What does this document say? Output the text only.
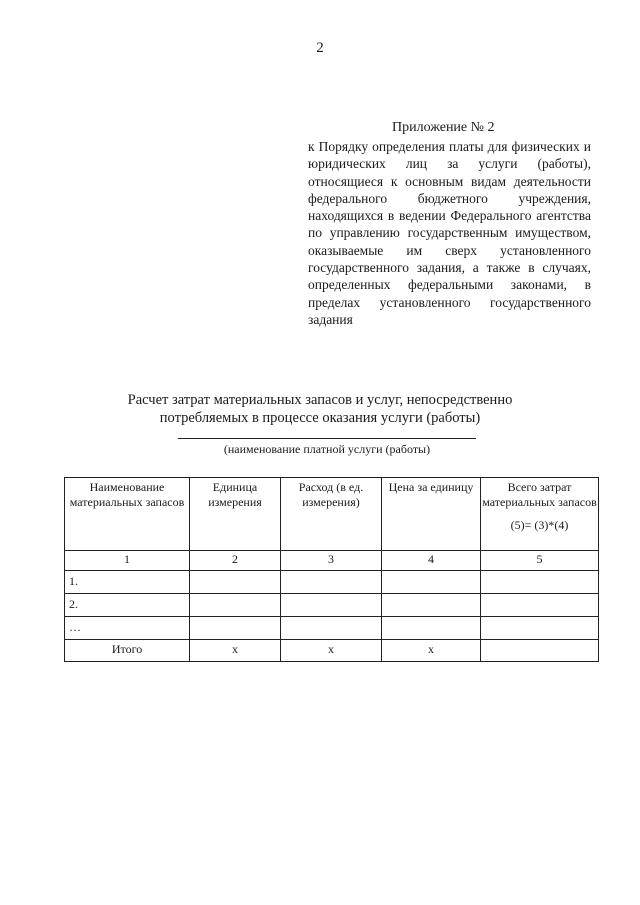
2
Приложение № 2
к Порядку определения платы для физических и юридических лиц за услуги (работы), относящиеся к основным видам деятельности федерального бюджетного учреждения, находящихся в ведении Федерального агентства по управлению государственным имуществом, оказываемые им сверх установленного государственного задания, а также в случаях, определенных федеральными законами, в пределах установленного государственного задания
Расчет затрат материальных запасов и услуг, непосредственно
потребляемых в процессе оказания услуги (работы)
(наименование платной услуги (работы)
Наименование материальных запасов	Единица измерения	Расход (в ед. измерения)	Цена за единицу	Всего затрат материальных запасов
(5)= (3)*(4)

1	2	3	4	5
1.				
2.				
…				
Итого	x	x	x	
